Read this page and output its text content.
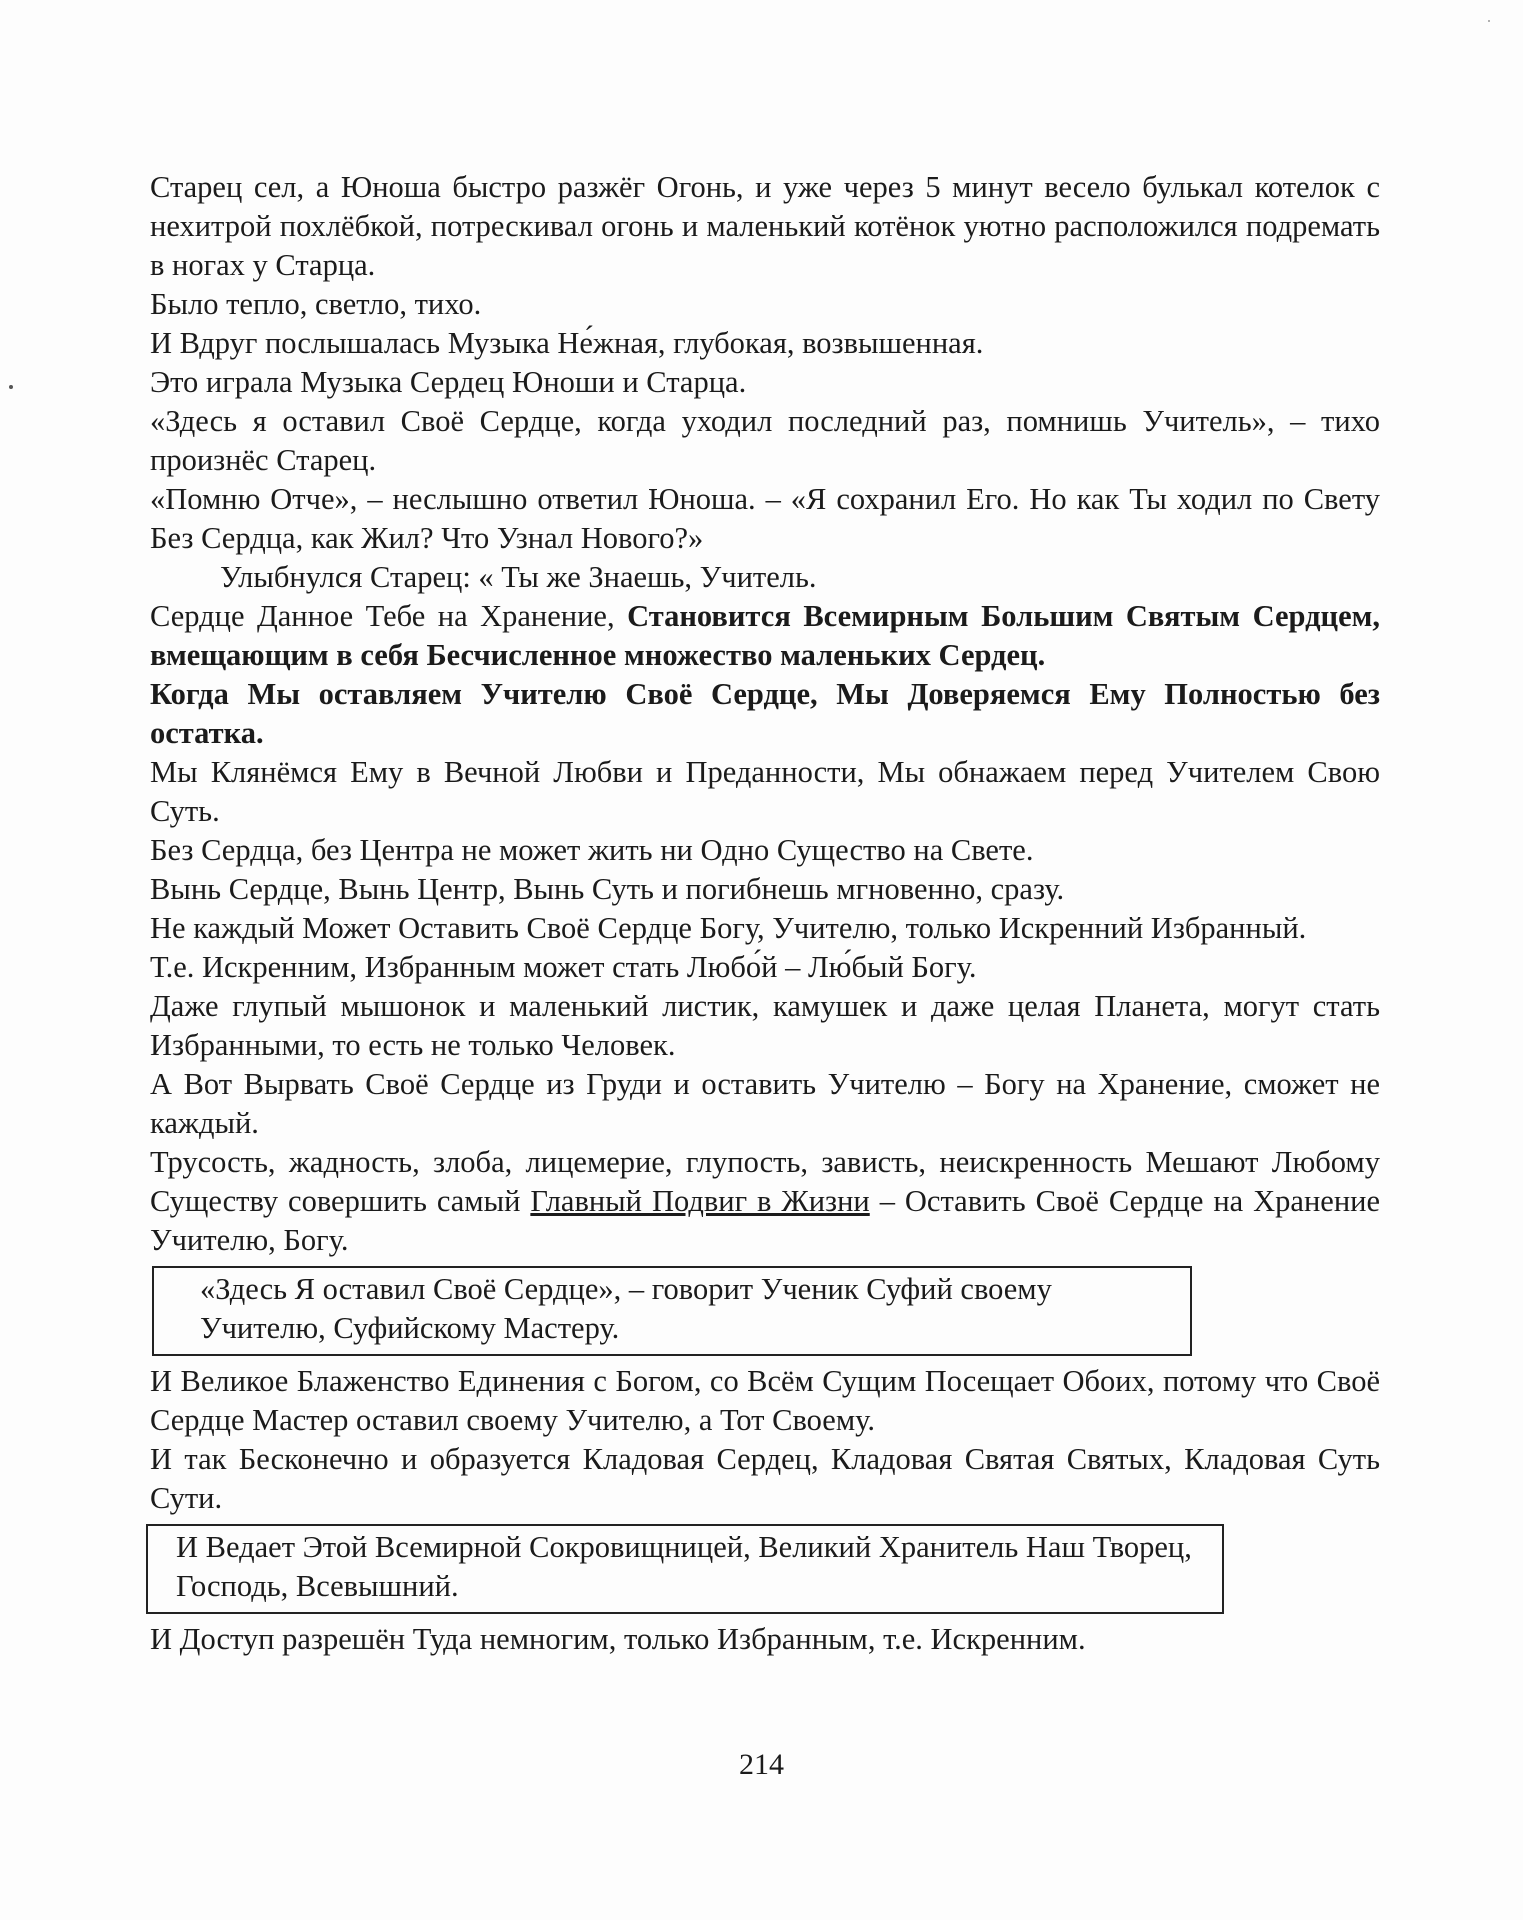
Старец сел, а Юноша быстро разжёг Огонь, и уже через 5 минут весело булькал котелок с нехитрой похлёбкой, потрескивал огонь и маленький котёнок уютно расположился подремать в ногах у Старца.

Было тепло, светло, тихо.

И Вдруг послышалась Музыка Не́жная, глубокая, возвышенная.

Это играла Музыка Сердец Юноши и Старца.

«Здесь я оставил Своё Сердце, когда уходил последний раз, помнишь Учитель», – тихо произнёс Старец.

«Помню Отче», – неслышно ответил Юноша. – «Я сохранил Его. Но как Ты ходил по Свету Без Сердца, как Жил? Что Узнал Нового?»

Улыбнулся Старец: « Ты же Знаешь, Учитель.

Сердце Данное Тебе на Хранение, Становится Всемирным Большим Святым Сердцем, вмещающим в себя Бесчисленное множество маленьких Сердец.

Когда Мы оставляем Учителю Своё Сердце, Мы Доверяемся Ему Полностью без остатка.

Мы Клянёмся Ему в Вечной Любви и Преданности, Мы обнажаем перед Учителем Свою Суть.

Без Сердца, без Центра не может жить ни Одно Существо на Свете.

Вынь Сердце, Вынь Центр, Вынь Суть и погибнешь мгновенно, сразу.

Не каждый Может Оставить Своё Сердце Богу, Учителю, только Искренний Избранный.

Т.е. Искренним, Избранным может стать Любо́й – Лю́бый Богу.

Даже глупый мышонок и маленький листик, камушек и даже целая Планета, могут стать Избранными, то есть не только Человек.

А Вот Вырвать Своё Сердце из Груди и оставить Учителю – Богу на Хранение, сможет не каждый.

Трусость, жадность, злоба, лицемерие, глупость, зависть, неискренность Мешают Любому Существу совершить самый Главный Подвиг в Жизни – Оставить Своё Сердце на Хранение Учителю, Богу.

«Здесь Я оставил Своё Сердце», – говорит Ученик Суфий своему Учителю, Суфийскому Мастеру.

И Великое Блаженство Единения с Богом, со Всём Сущим Посещает Обоих, потому что Своё Сердце Мастер оставил своему Учителю, а Тот Своему.

И так Бесконечно и образуется Кладовая Сердец, Кладовая Святая Святых, Кладовая Суть Сути.

И Ведает Этой Всемирной Сокровищницей, Великий Хранитель Наш Творец, Господь, Всевышний.

И Доступ разрешён Туда немногим, только Избранным, т.е. Искренним.

214
